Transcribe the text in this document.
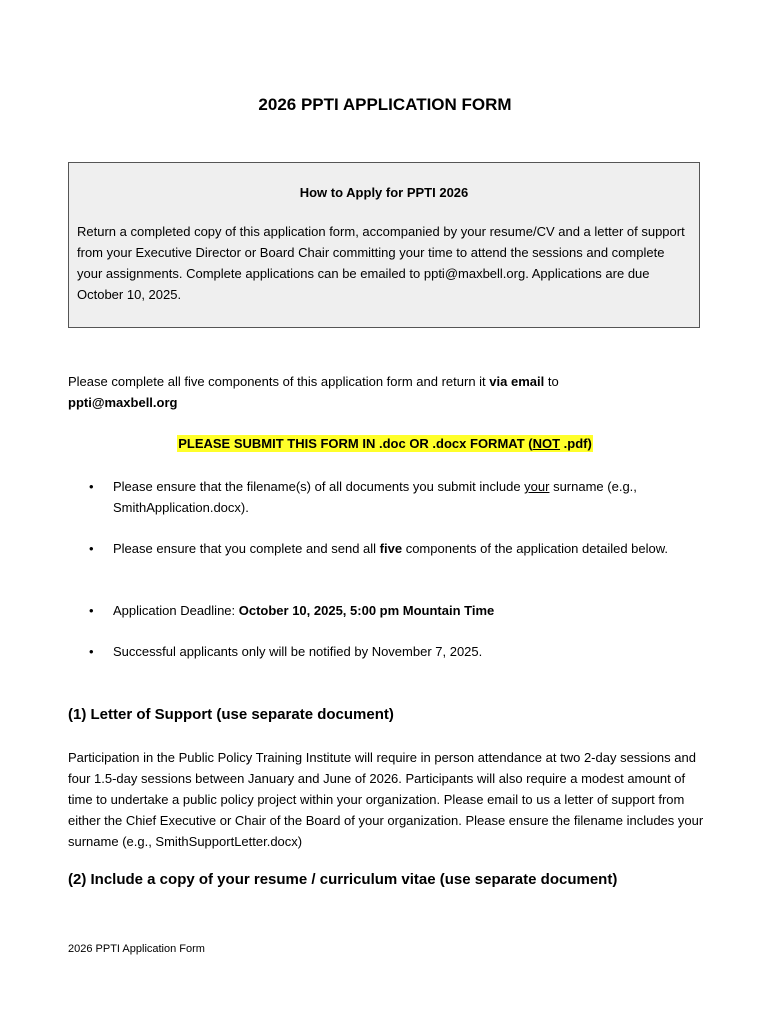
2026 PPTI APPLICATION FORM
How to Apply for PPTI 2026

Return a completed copy of this application form, accompanied by your resume/CV and a letter of support from your Executive Director or Board Chair committing your time to attend the sessions and complete your assignments. Complete applications can be emailed to ppti@maxbell.org. Applications are due October 10, 2025.

Please complete all five components of this application form and return it via email to
ppti@maxbell.org
PLEASE SUBMIT THIS FORM IN .doc OR .docx FORMAT (NOT .pdf)
• Please ensure that the filename(s) of all documents you submit include your surname (e.g., SmithApplication.docx).
• Please ensure that you complete and send all five components of the application detailed below.
• Application Deadline: October 10, 2025, 5:00 pm Mountain Time
• Successful applicants only will be notified by November 7, 2025.
(1) Letter of Support (use separate document)
Participation in the Public Policy Training Institute will require in person attendance at two 2-day sessions and four 1.5-day sessions between January and June of 2026. Participants will also require a modest amount of time to undertake a public policy project within your organization. Please email to us a letter of support from either the Chief Executive or Chair of the Board of your organization. Please ensure the filename includes your surname (e.g., SmithSupportLetter.docx)
(2) Include a copy of your resume / curriculum vitae (use separate document)
2026 PPTI Application Form
